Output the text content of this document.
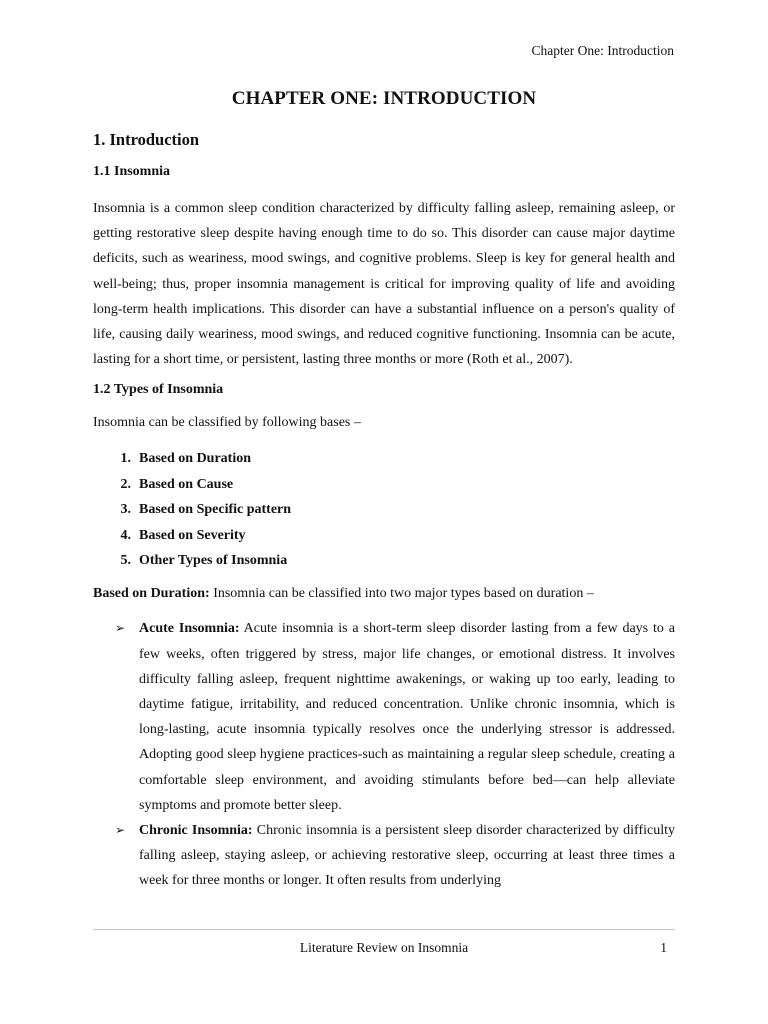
Chapter One: Introduction
CHAPTER ONE: INTRODUCTION
1. Introduction
1.1 Insomnia

Insomnia is a common sleep condition characterized by difficulty falling asleep, remaining asleep, or getting restorative sleep despite having enough time to do so. This disorder can cause major daytime deficits, such as weariness, mood swings, and cognitive problems. Sleep is key for general health and well-being; thus, proper insomnia management is critical for improving quality of life and avoiding long-term health implications. This disorder can have a substantial influence on a person's quality of life, causing daily weariness, mood swings, and reduced cognitive functioning. Insomnia can be acute, lasting for a short time, or persistent, lasting three months or more (Roth et al., 2007).

1.2 Types of Insomnia

Insomnia can be classified by following bases –

1. Based on Duration
2. Based on Cause
3. Based on Specific pattern
4. Based on Severity
5. Other Types of Insomnia
Based on Duration: Insomnia can be classified into two major types based on duration –
➢ Acute Insomnia: Acute insomnia is a short-term sleep disorder lasting from a few days to a few weeks, often triggered by stress, major life changes, or emotional distress. It involves difficulty falling asleep, frequent nighttime awakenings, or waking up too early, leading to daytime fatigue, irritability, and reduced concentration. Unlike chronic insomnia, which is long-lasting, acute insomnia typically resolves once the underlying stressor is addressed. Adopting good sleep hygiene practices-such as maintaining a regular sleep schedule, creating a comfortable sleep environment, and avoiding stimulants before bed—can help alleviate symptoms and promote better sleep.
➢ Chronic Insomnia: Chronic insomnia is a persistent sleep disorder characterized by difficulty falling asleep, staying asleep, or achieving restorative sleep, occurring at least three times a week for three months or longer. It often results from underlying
Literature Review on Insomnia	1
